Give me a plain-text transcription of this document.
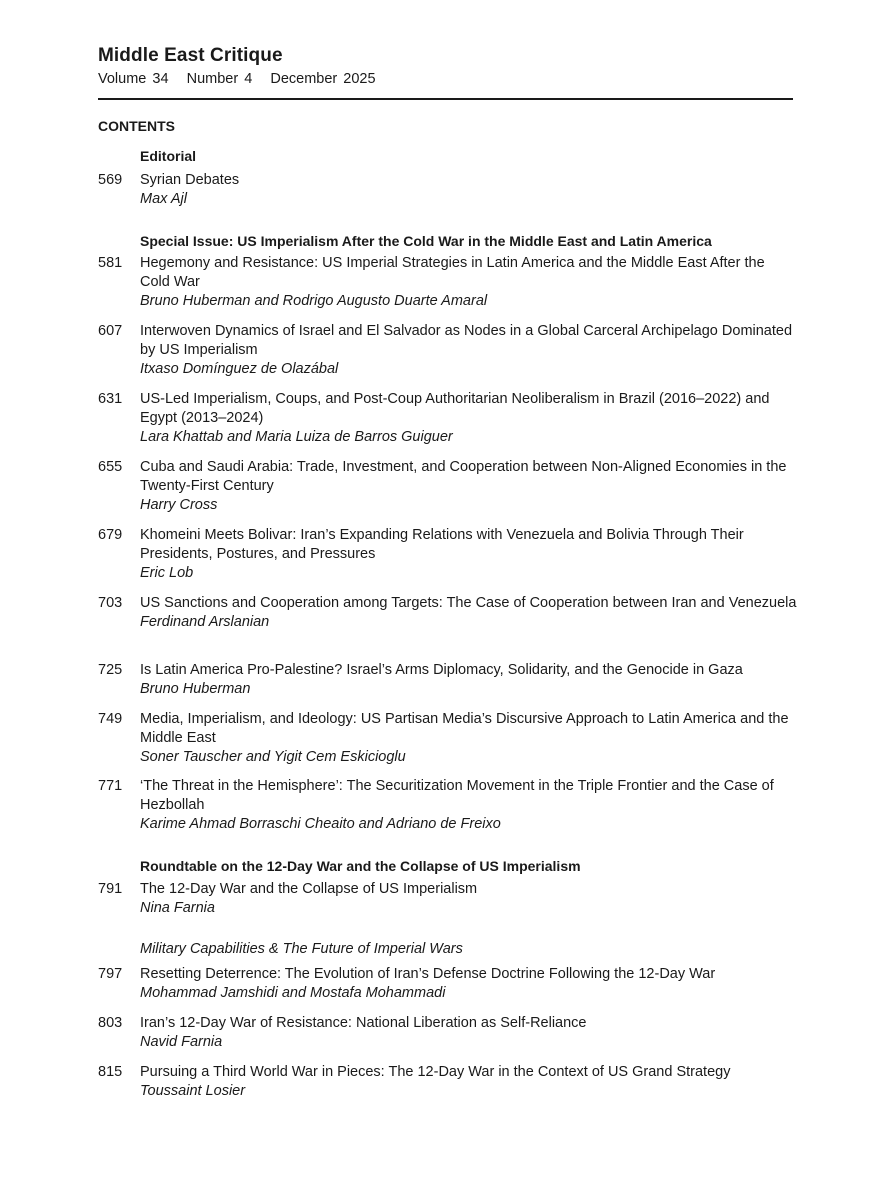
Middle East Critique
Volume 34   Number 4   December 2025
CONTENTS
Editorial
569	Syrian Debates
Max Ajl
Special Issue: US Imperialism After the Cold War in the Middle East and Latin America
581	Hegemony and Resistance: US Imperial Strategies in Latin America and the Middle East After the Cold War
Bruno Huberman and Rodrigo Augusto Duarte Amaral
607	Interwoven Dynamics of Israel and El Salvador as Nodes in a Global Carceral Archipelago Dominated by US Imperialism
Itxaso Domínguez de Olazábal
631	US-Led Imperialism, Coups, and Post-Coup Authoritarian Neoliberalism in Brazil (2016–2022) and Egypt (2013–2024)
Lara Khattab and Maria Luiza de Barros Guiguer
655	Cuba and Saudi Arabia: Trade, Investment, and Cooperation between Non-Aligned Economies in the Twenty-First Century
Harry Cross
679	Khomeini Meets Bolivar: Iran’s Expanding Relations with Venezuela and Bolivia Through Their Presidents, Postures, and Pressures
Eric Lob
703	US Sanctions and Cooperation among Targets: The Case of Cooperation between Iran and Venezuela
Ferdinand Arslanian
725	Is Latin America Pro-Palestine? Israel’s Arms Diplomacy, Solidarity, and the Genocide in Gaza
Bruno Huberman
749	Media, Imperialism, and Ideology: US Partisan Media’s Discursive Approach to Latin America and the Middle East
Soner Tauscher and Yigit Cem Eskicioglu
771	‘The Threat in the Hemisphere’: The Securitization Movement in the Triple Frontier and the Case of Hezbollah
Karime Ahmad Borraschi Cheaito and Adriano de Freixo
Roundtable on the 12-Day War and the Collapse of US Imperialism
791	The 12-Day War and the Collapse of US Imperialism
Nina Farnia
Military Capabilities & The Future of Imperial Wars
797	Resetting Deterrence: The Evolution of Iran’s Defense Doctrine Following the 12-Day War
Mohammad Jamshidi and Mostafa Mohammadi
803	Iran’s 12-Day War of Resistance: National Liberation as Self-Reliance
Navid Farnia
815	Pursuing a Third World War in Pieces: The 12-Day War in the Context of US Grand Strategy
Toussaint Losier
